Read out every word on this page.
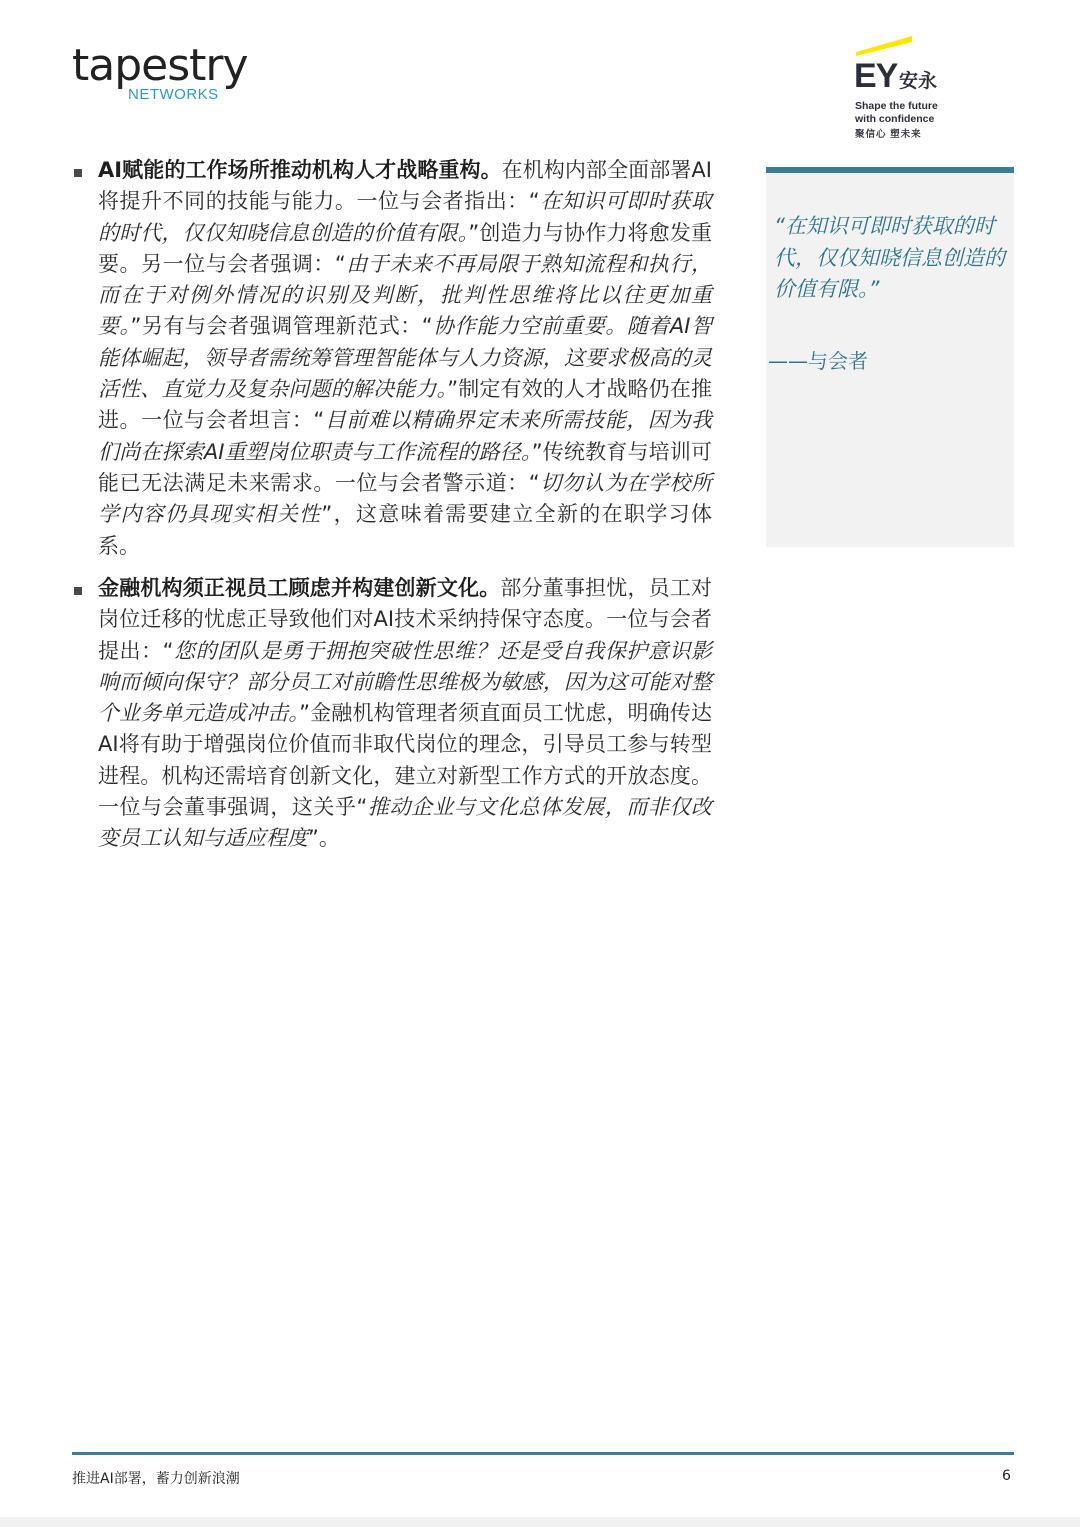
tapestry
NETWORKS	EY 安永
Shape the future
with confidence
聚信心 塑未来
AI赋能的工作场所推动机构人才战略重构。在机构内部全面部署AI将提升不同的技能与能力。一位与会者指出：“在知识可即时获取的时代，仅仅知晓信息创造的价值有限。”创造力与协作力将愈发重要。另一位与会者强调：“由于未来不再局限于熟知流程和执行，而在于对例外情况的识别及判断，批判性思维将比以往更加重要。”另有与会者强调管理新范式：“协作能力空前重要。随着AI智能体崛起，领导者需统筹管理智能体与人力资源，这要求极高的灵活性、直觉力及复杂问题的解决能力。”制定有效的人才战略仍在推进。一位与会者坦言：“目前难以精确界定未来所需技能，因为我们尚在探索AI重塑岗位职责与工作流程的路径。”传统教育与培训可能已无法满足未来需求。一位与会者警示道：“切勿认为在学校所学内容仍具现实相关性”，这意味着需要建立全新的在职学习体系。
金融机构须正视员工顾虑并构建创新文化。部分董事担忧，员工对岗位迁移的忧虑正导致他们对AI技术采纳持保守态度。一位与会者提出：“您的团队是勇于拥抱突破性思维？还是受自我保护意识影响而倾向保守？部分员工对前瞻性思维极为敏感，因为这可能对整个业务单元造成冲击。”金融机构管理者须直面员工忧虑，明确传达AI将有助于增强岗位价值而非取代岗位的理念，引导员工参与转型进程。机构还需培育创新文化，建立对新型工作方式的开放态度。一位与会董事强调，这关乎“推动企业与文化总体发展，而非仅改变员工认知与适应程度”。
“在知识可即时获取的时代，仅仅知晓信息创造的价值有限。”
——与会者
推进AI部署，蓄力创新浪潮	6
